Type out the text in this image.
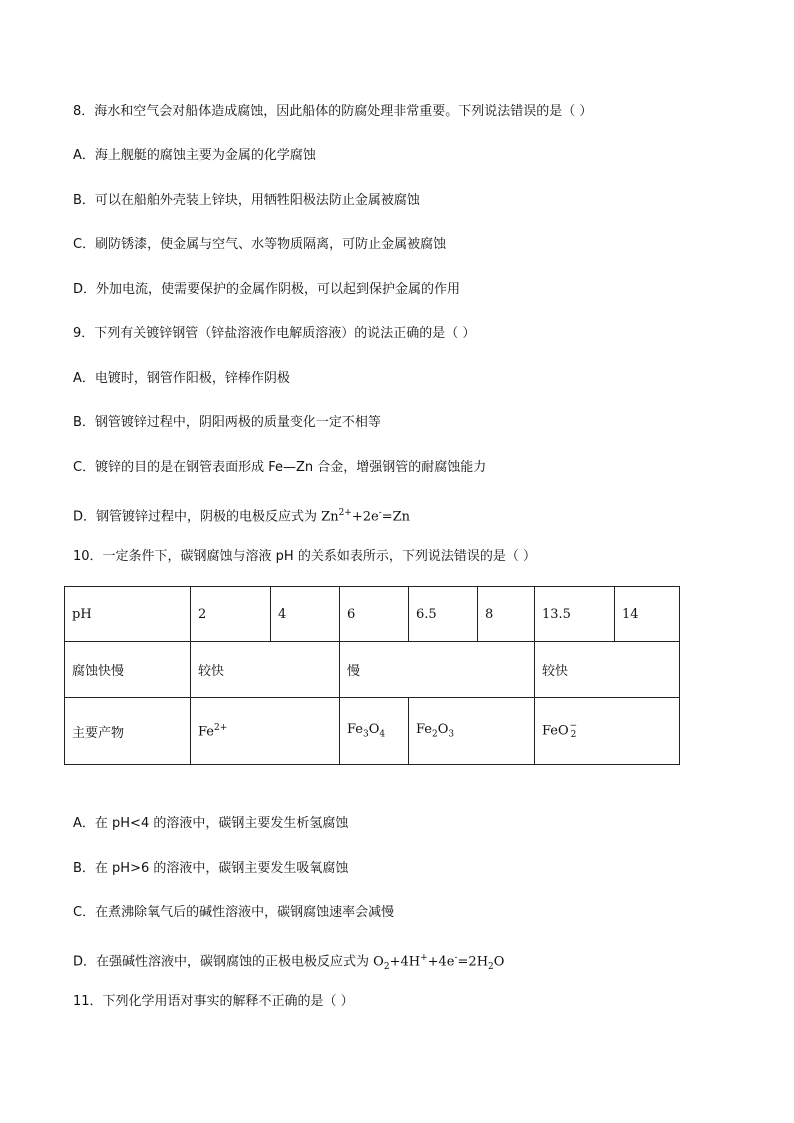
8．海水和空气会对船体造成腐蚀，因此船体的防腐处理非常重要。下列说法错误的是（ ）
A．海上舰艇的腐蚀主要为金属的化学腐蚀
B．可以在船舶外壳装上锌块，用牺牲阳极法防止金属被腐蚀
C．刷防锈漆，使金属与空气、水等物质隔离，可防止金属被腐蚀
D．外加电流，使需要保护的金属作阴极，可以起到保护金属的作用
9．下列有关镀锌钢管（锌盐溶液作电解质溶液）的说法正确的是（ ）
A．电镀时，钢管作阳极，锌棒作阴极
B．钢管镀锌过程中，阴阳两极的质量变化一定不相等
C．镀锌的目的是在钢管表面形成 Fe—Zn 合金，增强钢管的耐腐蚀能力
D．钢管镀锌过程中，阴极的电极反应式为 $Zn^{2+}+2e^-=Zn$
10．一定条件下，碳钢腐蚀与溶液 pH 的关系如表所示，下列说法错误的是（ ）
pH	2	4	6	6.5	8	13.5	14
腐蚀快慢	较快		慢			较快	
主要产物	$Fe^{2+}$		$Fe_3O_4$	$Fe_2O_3$		FeO −
2	
A．在 pH<4 的溶液中，碳钢主要发生析氢腐蚀
B．在 pH>6 的溶液中，碳钢主要发生吸氧腐蚀
C．在煮沸除氧气后的碱性溶液中，碳钢腐蚀速率会减慢
D．在强碱性溶液中，碳钢腐蚀的正极电极反应式为 $O_2+4H^++4e^-=2H_2O$
11．下列化学用语对事实的解释不正确的是（ ）
